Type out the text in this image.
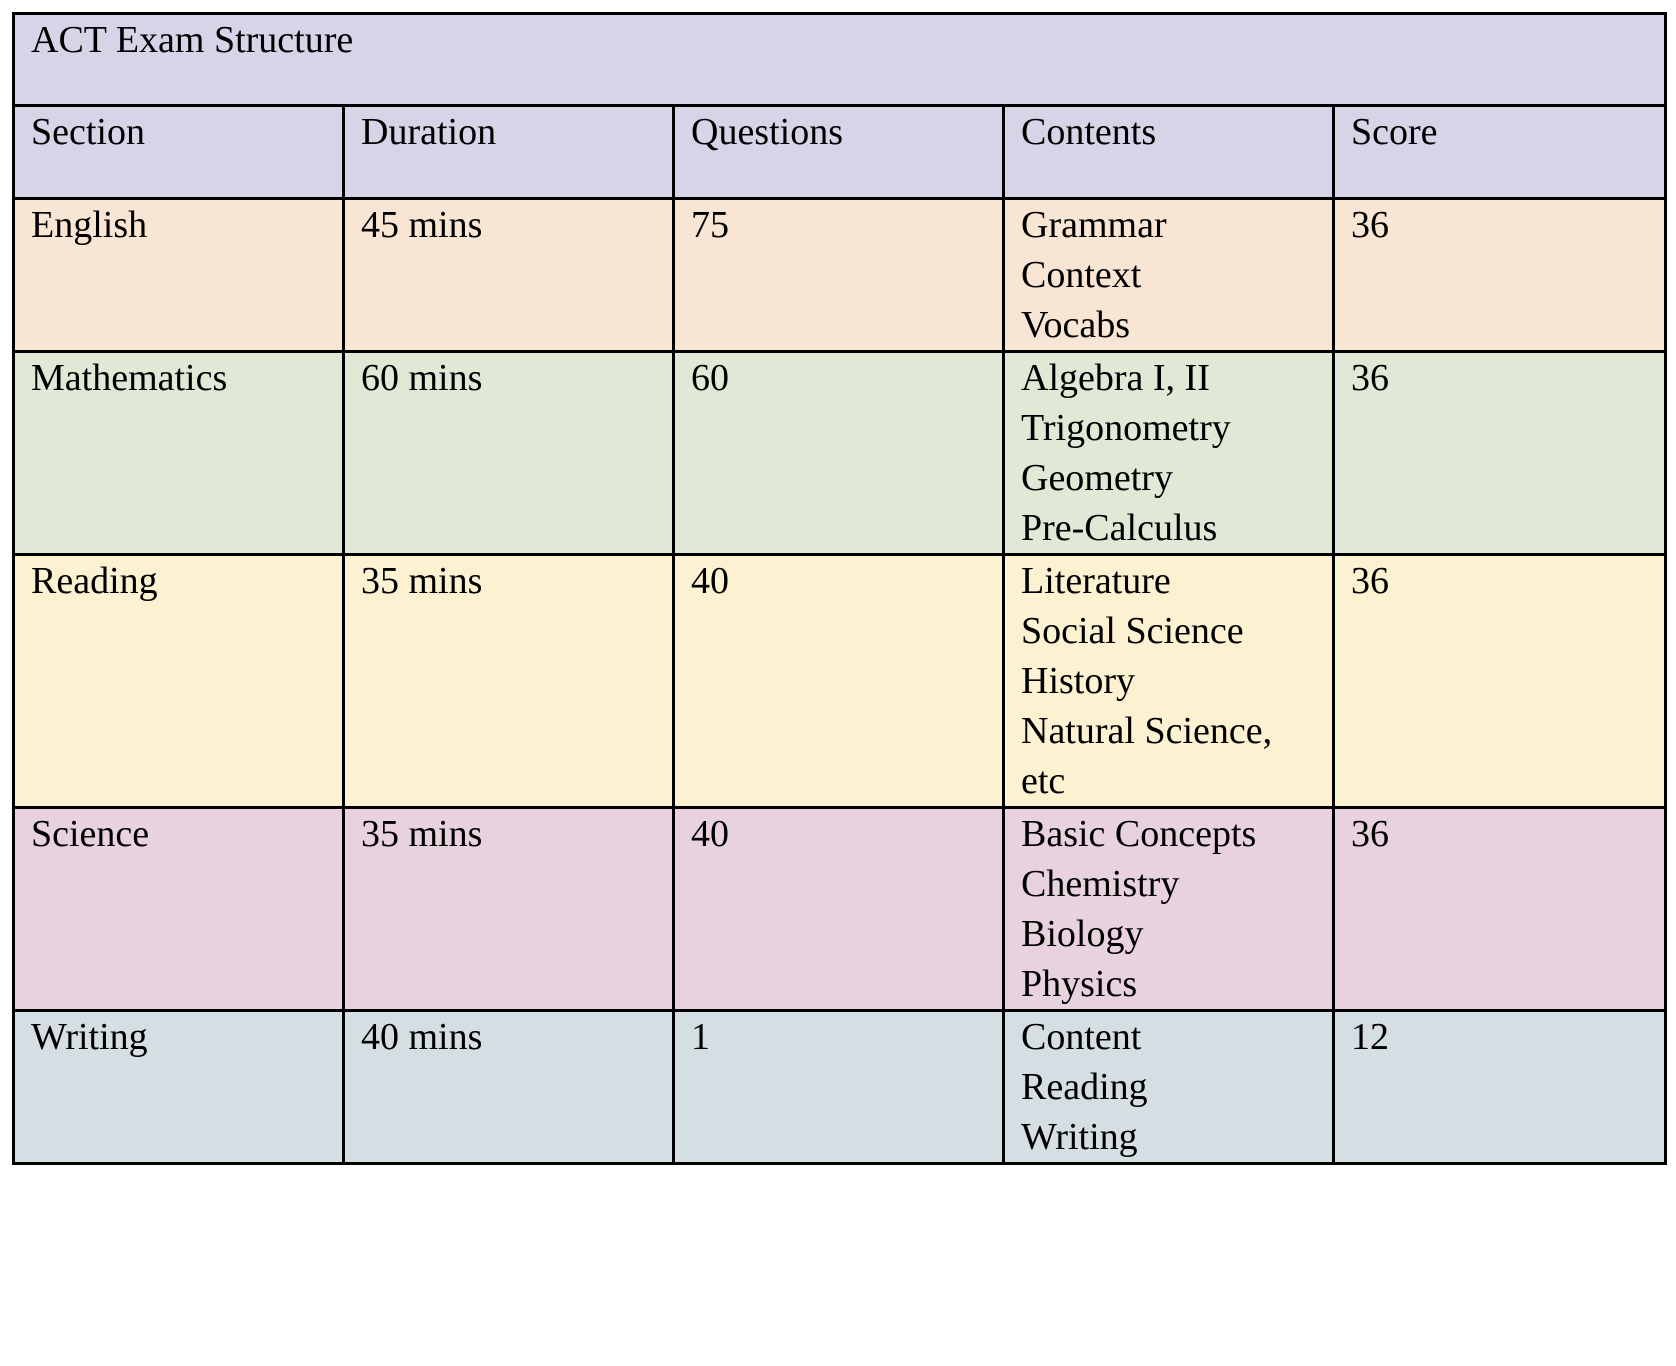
ACT Exam Structure				
Section	Duration	Questions	Contents	Score
English	45 mins	75	Grammar
Context
Vocabs	36
Mathematics	60 mins	60	Algebra I, II
Trigonometry
Geometry
Pre-Calculus	36
Reading	35 mins	40	Literature
Social Science
History
Natural Science,
etc	36
Science	35 mins	40	Basic Concepts
Chemistry
Biology
Physics	36
Writing	40 mins	1	Content
Reading
Writing	12
